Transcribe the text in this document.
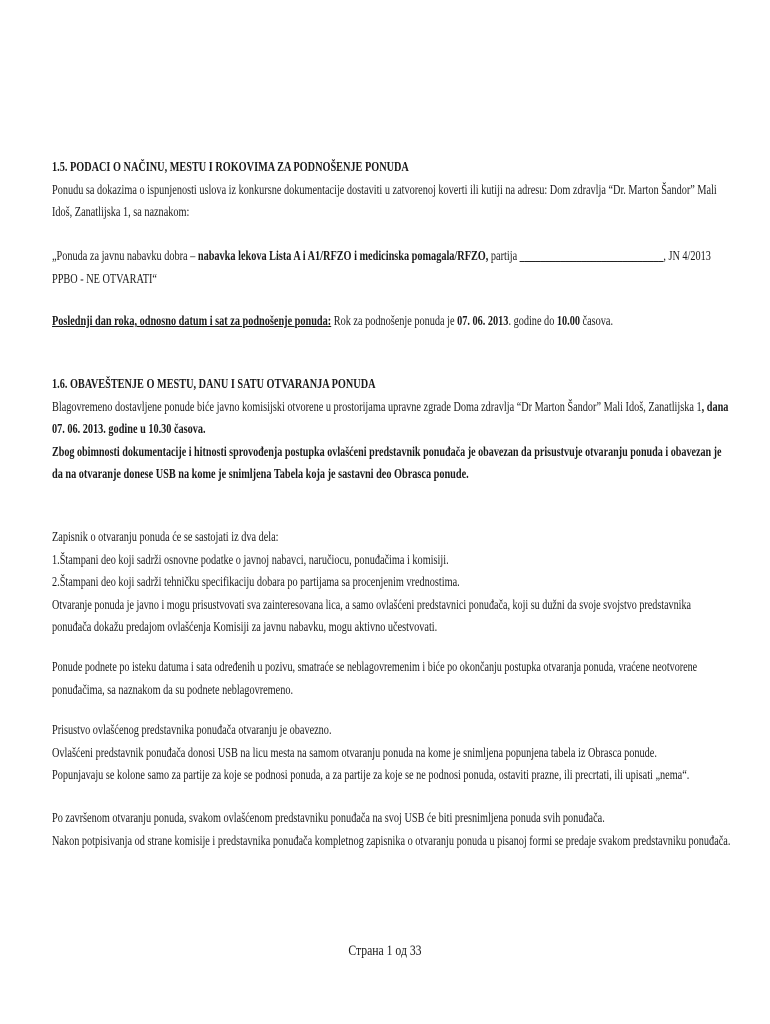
1.5. PODACI O NAČINU, MESTU I ROKOVIMA ZA PODNOŠENJE PONUDA
Ponudu sa dokazima o ispunjenosti uslova iz konkursne dokumentacije dostaviti u zatvorenoj koverti ili kutiji na adresu: Dom zdravlja “Dr. Marton Šandor” Mali
Idoš, Zanatlijska 1, sa naznakom:
„Ponuda za javnu nabavku dobra – nabavka lekova Lista A i A1/RFZO i medicinska pomagala/RFZO, partija ____________________________, JN 4/2013
PPBO - NE OTVARATI“
Poslednji dan roka, odnosno datum i sat za podnošenje ponuda: Rok za podnošenje ponuda je 07. 06. 2013. godine do 10.00 časova.
1.6. OBAVEŠTENJE O MESTU, DANU I SATU OTVARANJA PONUDA
Blagovremeno dostavljene ponude biće javno komisijski otvorene u prostorijama upravne zgrade Doma zdravlja “Dr Marton Šandor” Mali Idoš, Zanatlijska 1, dana
07. 06. 2013. godine u 10.30 časova.
Zbog obimnosti dokumentacije i hitnosti sprovođenja postupka ovlašćeni predstavnik ponuđača je obavezan da prisustvuje otvaranju ponuda i obavezan je
da na otvaranje donese USB na kome je snimljena Tabela koja je sastavni deo Obrasca ponude.
Zapisnik o otvaranju ponuda će se sastojati iz dva dela:
1.Štampani deo koji sadrži osnovne podatke o javnoj nabavci, naručiocu, ponuđačima i komisiji.
2.Štampani deo koji sadrži tehničku specifikaciju dobara po partijama sa procenjenim vrednostima.
Otvaranje ponuda je javno i mogu prisustvovati sva zainteresovana lica, a samo ovlašćeni predstavnici ponuđača, koji su dužni da svoje svojstvo predstavnika
ponuđača dokažu predajom ovlašćenja Komisiji za javnu nabavku, mogu aktivno učestvovati.
Ponude podnete po isteku datuma i sata određenih u pozivu, smatraće se neblagovremenim i biće po okončanju postupka otvaranja ponuda, vraćene neotvorene
ponuđačima, sa naznakom da su podnete neblagovremeno.
Prisustvo ovlašćenog predstavnika ponuđača otvaranju je obavezno.
Ovlašćeni predstavnik ponuđača donosi USB na licu mesta na samom otvaranju ponuda na kome je snimljena popunjena tabela iz Obrasca ponude.
Popunjavaju se kolone samo za partije za koje se podnosi ponuda, a za partije za koje se ne podnosi ponuda, ostaviti prazne, ili precrtati, ili upisati „nema“.
Po završenom otvaranju ponuda, svakom ovlašćenom predstavniku ponuđača na svoj USB će biti presnimljena ponuda svih ponuđača.
Nakon potpisivanja od strane komisije i predstavnika ponuđača kompletnog zapisnika o otvaranju ponuda u pisanoj formi se predaje svakom predstavniku ponuđača.
Страна 1 од 33
